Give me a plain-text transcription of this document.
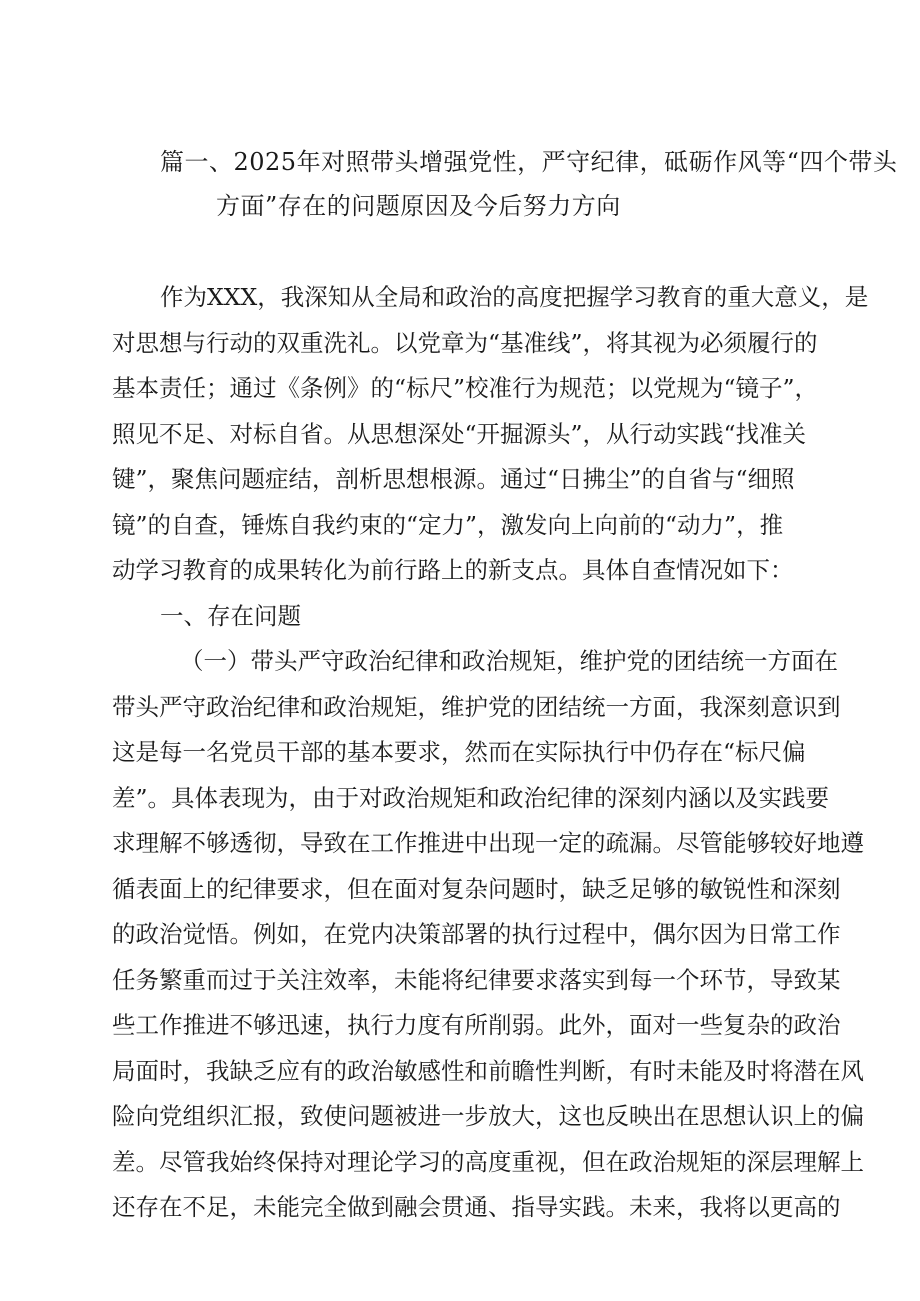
篇一、2025年对照带头增强党性，严守纪律，砥砺作风等“四个带头
方面”存在的问题原因及今后努力方向
作为XXX，我深知从全局和政治的高度把握学习教育的重大意义，是
对思想与行动的双重洗礼。以党章为“基准线”，将其视为必须履行的
基本责任；通过《条例》的“标尺”校准行为规范；以党规为“镜子”，
照见不足、对标自省。从思想深处“开掘源头”，从行动实践“找准关
键”，聚焦问题症结，剖析思想根源。通过“日拂尘”的自省与“细照
镜”的自查，锤炼自我约束的“定力”，激发向上向前的“动力”，推
动学习教育的成果转化为前行路上的新支点。具体自查情况如下：
一、存在问题
（一）带头严守政治纪律和政治规矩，维护党的团结统一方面在
带头严守政治纪律和政治规矩，维护党的团结统一方面，我深刻意识到
这是每一名党员干部的基本要求，然而在实际执行中仍存在“标尺偏
差”。具体表现为，由于对政治规矩和政治纪律的深刻内涵以及实践要
求理解不够透彻，导致在工作推进中出现一定的疏漏。尽管能够较好地遵
循表面上的纪律要求，但在面对复杂问题时，缺乏足够的敏锐性和深刻
的政治觉悟。例如，在党内决策部署的执行过程中，偶尔因为日常工作
任务繁重而过于关注效率，未能将纪律要求落实到每一个环节，导致某
些工作推进不够迅速，执行力度有所削弱。此外，面对一些复杂的政治
局面时，我缺乏应有的政治敏感性和前瞻性判断，有时未能及时将潜在风
险向党组织汇报，致使问题被进一步放大，这也反映出在思想认识上的偏
差。尽管我始终保持对理论学习的高度重视，但在政治规矩的深层理解上
还存在不足，未能完全做到融会贯通、指导实践。未来，我将以更高的
